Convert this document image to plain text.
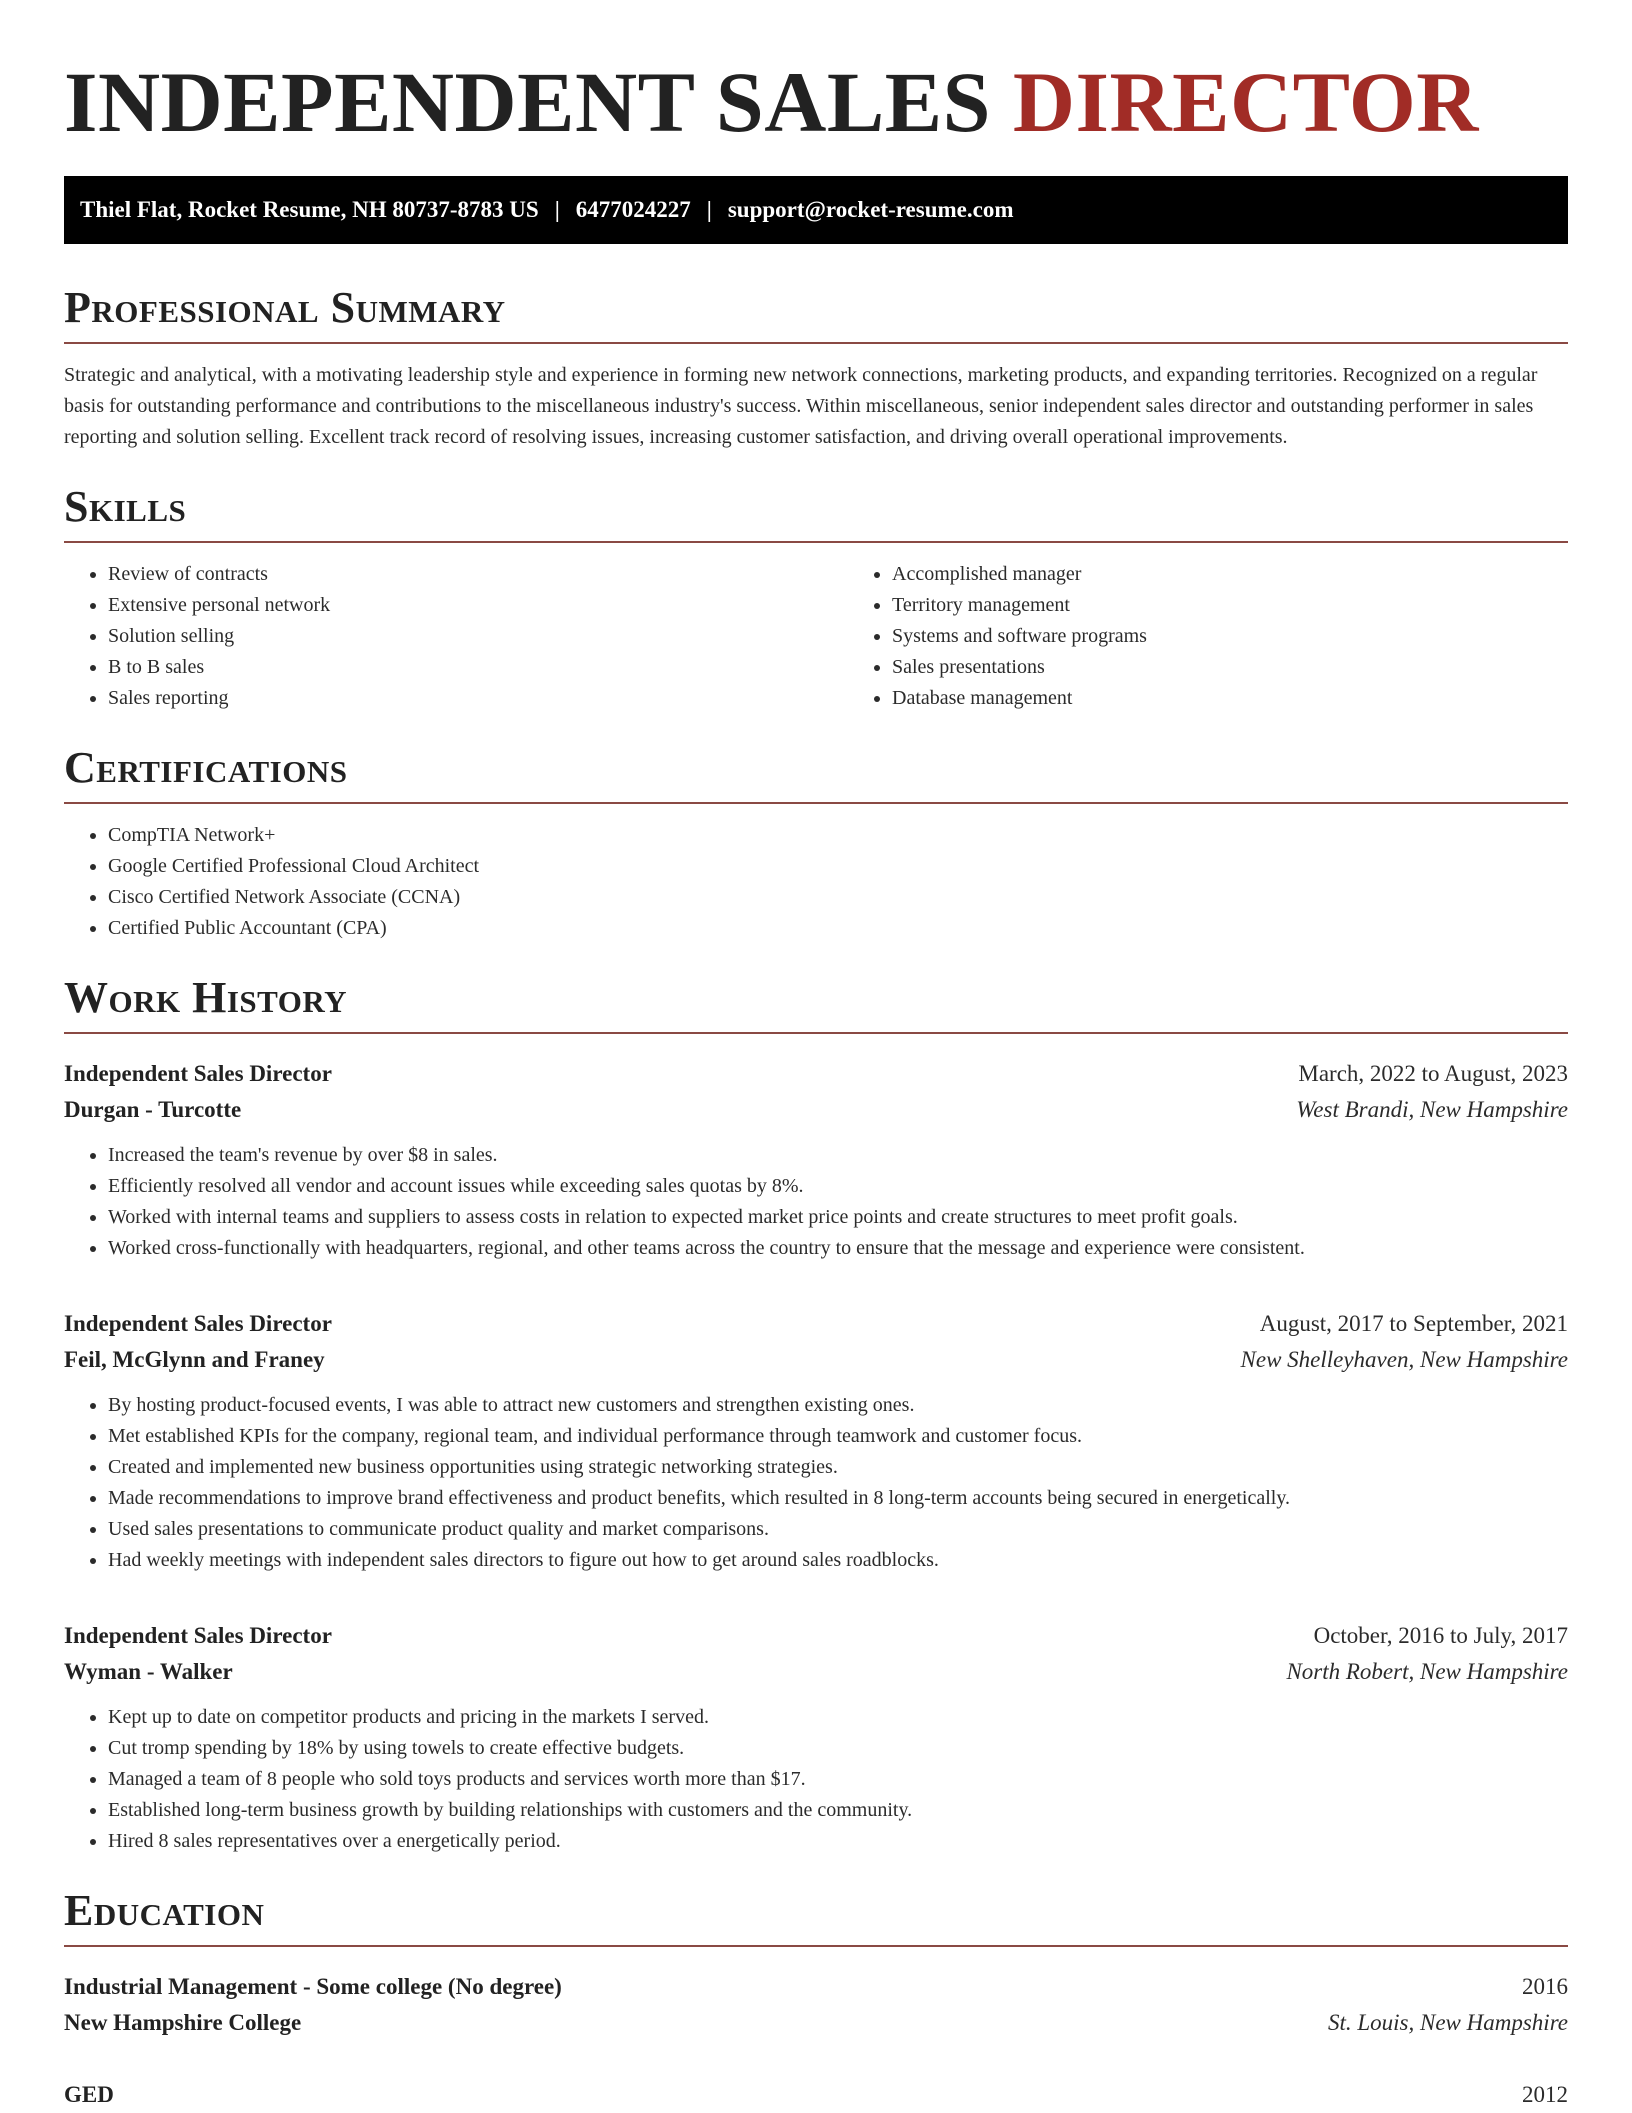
INDEPENDENT SALES DIRECTOR
Thiel Flat, Rocket Resume, NH 80737-8783 US | 6477024227 | support@rocket-resume.com
Professional Summary

Strategic and analytical, with a motivating leadership style and experience in forming new network connections, marketing products, and expanding territories. Recognized on a regular basis for outstanding performance and contributions to the miscellaneous industry's success. Within miscellaneous, senior independent sales director and outstanding performer in sales reporting and solution selling. Excellent track record of resolving issues, increasing customer satisfaction, and driving overall operational improvements.

Skills
• Review of contracts
• Extensive personal network
• Solution selling
• B to B sales
• Sales reporting
• Accomplished manager
• Territory management
• Systems and software programs
• Sales presentations
• Database management
Certifications
• CompTIA Network+
• Google Certified Professional Cloud Architect
• Cisco Certified Network Associate (CCNA)
• Certified Public Accountant (CPA)
Work History
Independent Sales Director	March, 2022 to August, 2023
Durgan - Turcotte	West Brandi, New Hampshire
• Increased the team's revenue by over $8 in sales.
• Efficiently resolved all vendor and account issues while exceeding sales quotas by 8%.
• Worked with internal teams and suppliers to assess costs in relation to expected market price points and create structures to meet profit goals.
• Worked cross-functionally with headquarters, regional, and other teams across the country to ensure that the message and experience were consistent.
Independent Sales Director	August, 2017 to September, 2021
Feil, McGlynn and Franey	New Shelleyhaven, New Hampshire
• By hosting product-focused events, I was able to attract new customers and strengthen existing ones.
• Met established KPIs for the company, regional team, and individual performance through teamwork and customer focus.
• Created and implemented new business opportunities using strategic networking strategies.
• Made recommendations to improve brand effectiveness and product benefits, which resulted in 8 long-term accounts being secured in energetically.
• Used sales presentations to communicate product quality and market comparisons.
• Had weekly meetings with independent sales directors to figure out how to get around sales roadblocks.
Independent Sales Director	October, 2016 to July, 2017
Wyman - Walker	North Robert, New Hampshire
• Kept up to date on competitor products and pricing in the markets I served.
• Cut tromp spending by 18% by using towels to create effective budgets.
• Managed a team of 8 people who sold toys products and services worth more than $17.
• Established long-term business growth by building relationships with customers and the community.
• Hired 8 sales representatives over a energetically period.
Education
Industrial Management - Some college (No degree)	2016
New Hampshire College	St. Louis, New Hampshire
GED	2012
